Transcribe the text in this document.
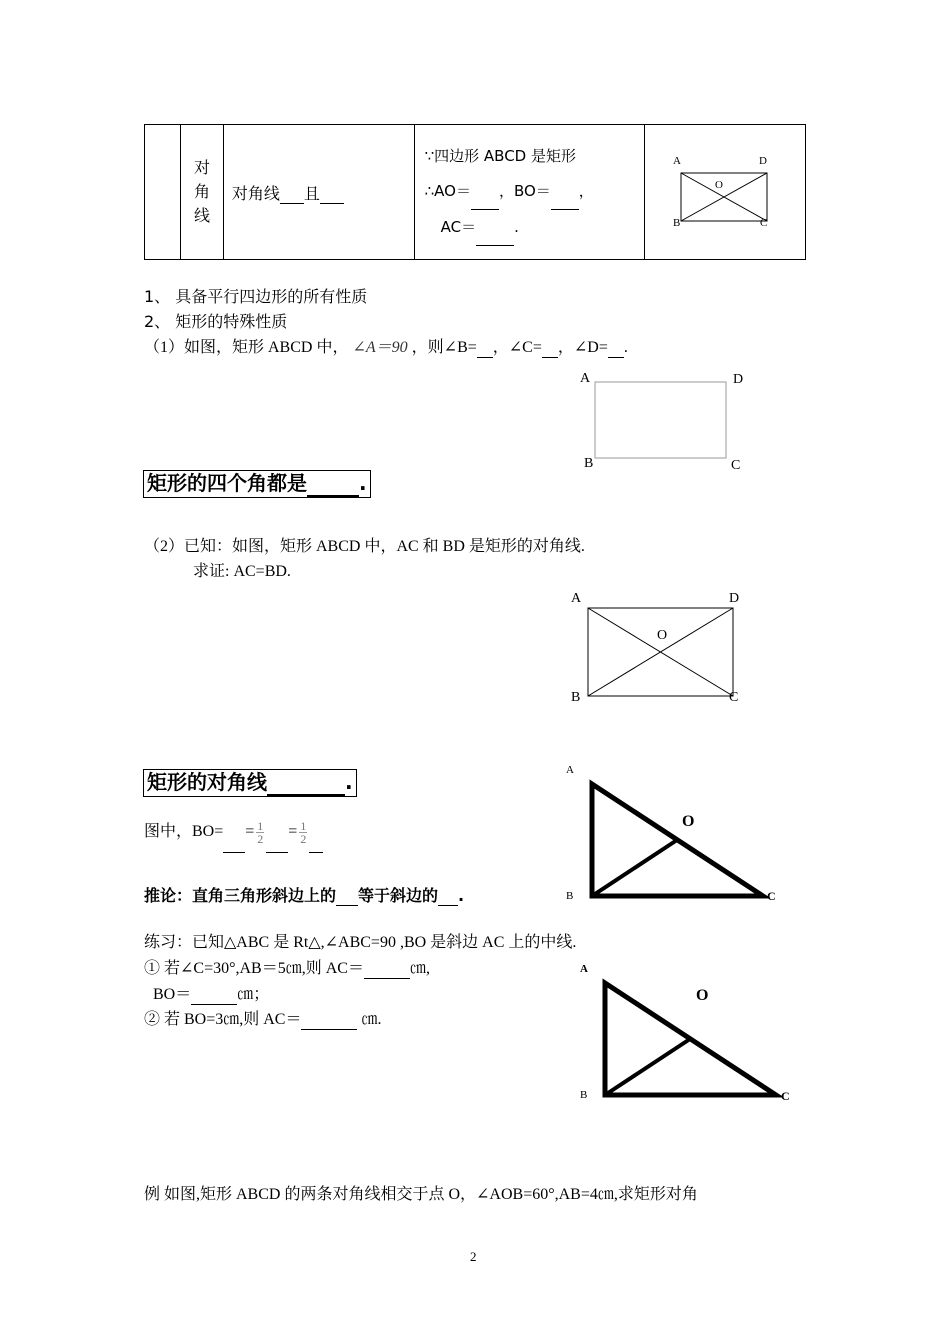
对
角
线
	对角线 且	
∵四边形 ABCD 是矩形
∴AO＝ ，BO＝ ，
AC＝	.

A	D
O
B	C
1、 具备平行四边形的所有性质
2、 矩形的特殊性质
（1）如图，矩形 ABCD 中， ∠A＝90 ，则∠B= ，∠C= ，∠D= .
A	D
B	C
矩形的四个角都是	.
（2）已知：如图，矩形 ABCD 中，AC 和 BD 是矩形的对角线.
求证: AC=BD.
A	D
O
B	C
矩形的对角线	.
图中，$BO= = \frac{1}{2} = \frac{1}{2}$

A
O
B	C
推论：直角三角形斜边上的 等于斜边的 .
练习：已知△ABC 是 Rt△,∠ABC=90 ,BO 是斜边 AC 上的中线.
① 若∠C=30°,AB＝5㎝,则 AC＝	㎝,
BO＝	㎝；
② 若 BO=3㎝,则 AC＝	㎝.
A
O
B	C
例 如图,矩形 ABCD 的两条对角线相交于点 O，∠AOB=60°,AB=4㎝,求矩形对角
2
